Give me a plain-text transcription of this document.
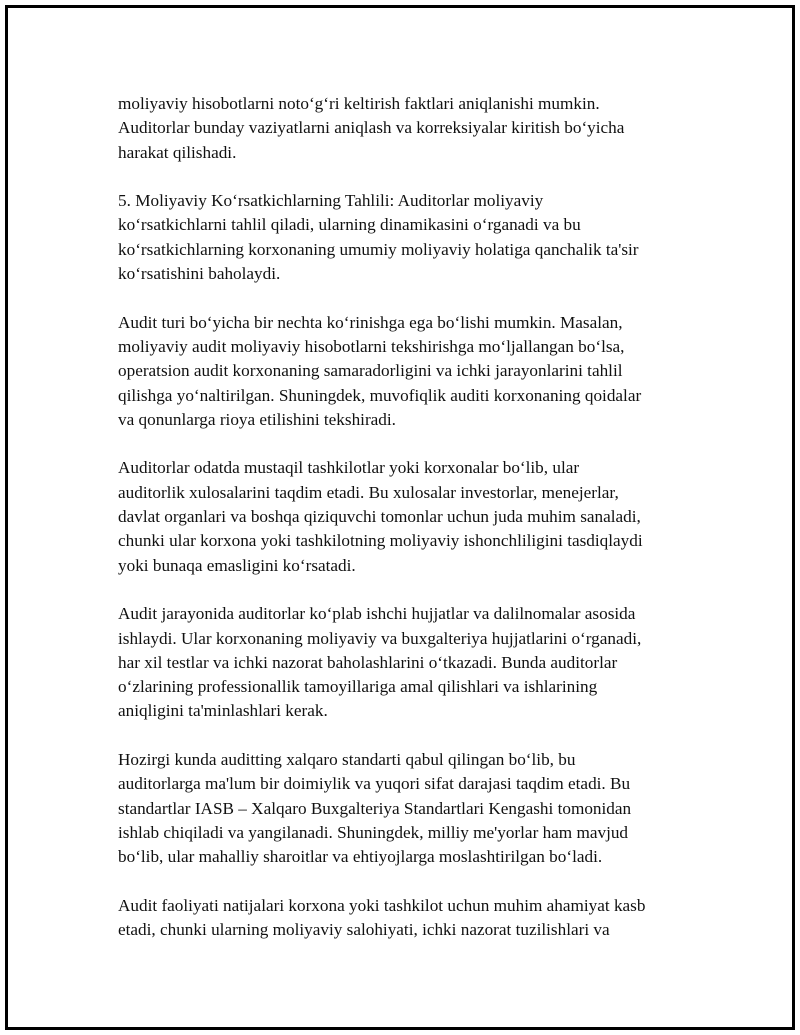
moliyaviy hisobotlarni noto‘g‘ri keltirish faktlari aniqlanishi mumkin.
Auditorlar bunday vaziyatlarni aniqlash va korreksiyalar kiritish bo‘yicha
harakat qilishadi.

5. Moliyaviy Ko‘rsatkichlarning Tahlili: Auditorlar moliyaviy
ko‘rsatkichlarni tahlil qiladi, ularning dinamikasini o‘rganadi va bu
ko‘rsatkichlarning korxonaning umumiy moliyaviy holatiga qanchalik ta'sir
ko‘rsatishini baholaydi.

Audit turi bo‘yicha bir nechta ko‘rinishga ega bo‘lishi mumkin. Masalan,
moliyaviy audit moliyaviy hisobotlarni tekshirishga mo‘ljallangan bo‘lsa,
operatsion audit korxonaning samaradorligini va ichki jarayonlarini tahlil
qilishga yo‘naltirilgan. Shuningdek, muvofiqlik auditi korxonaning qoidalar
va qonunlarga rioya etilishini tekshiradi.

Auditorlar odatda mustaqil tashkilotlar yoki korxonalar bo‘lib, ular
auditorlik xulosalarini taqdim etadi. Bu xulosalar investorlar, menejerlar,
davlat organlari va boshqa qiziquvchi tomonlar uchun juda muhim sanaladi,
chunki ular korxona yoki tashkilotning moliyaviy ishonchliligini tasdiqlaydi
yoki bunaqa emasligini ko‘rsatadi.

Audit jarayonida auditorlar ko‘plab ishchi hujjatlar va dalilnomalar asosida
ishlaydi. Ular korxonaning moliyaviy va buxgalteriya hujjatlarini o‘rganadi,
har xil testlar va ichki nazorat baholashlarini o‘tkazadi. Bunda auditorlar
o‘zlarining professionallik tamoyillariga amal qilishlari va ishlarining
aniqligini ta'minlashlari kerak.

Hozirgi kunda auditting xalqaro standarti qabul qilingan bo‘lib, bu
auditorlarga ma'lum bir doimiylik va yuqori sifat darajasi taqdim etadi. Bu
standartlar IASB – Xalqaro Buxgalteriya Standartlari Kengashi tomonidan
ishlab chiqiladi va yangilanadi. Shuningdek, milliy me'yorlar ham mavjud
bo‘lib, ular mahalliy sharoitlar va ehtiyojlarga moslashtirilgan bo‘ladi.

Audit faoliyati natijalari korxona yoki tashkilot uchun muhim ahamiyat kasb
etadi, chunki ularning moliyaviy salohiyati, ichki nazorat tuzilishlari va
